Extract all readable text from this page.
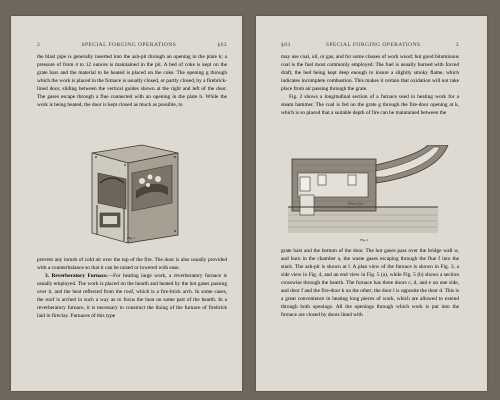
2	SPECIAL FORGING OPERATIONS	§63

the blast pipe is generally inserted into the ash-pit through an opening in the plate k; a pressure of from 4 to 12 ounces is maintained in the pit. A bed of coke is kept on the grate bars and the material to be heated is placed on the coke. The opening g through which the work is placed in the furnace is usually closed, or partly closed, by a firebrick-lined door, sliding between the vertical guides shown at the right and left of the door. The gases escape through a flue connected with an opening in the plate h. While the work is being heated, the door is kept closed as much as possible, to

Fig. 1

prevent any inrush of cold air over the top of the fire. The door is also usually provided with a counterbalance so that it can be raised or lowered with ease.

3. Reverberatory Furnace.—For heating large work, a reverberatory furnace is usually employed. The work is placed on the hearth and heated by the hot gases passing over it, and the heat reflected from the roof, which is a fire-brick arch. In some cases, the roof is arched in such a way as to focus the heat on some part of the hearth. In a reverberatory furnace, it is necessary to construct the lining of the furnace of firebrick laid in fireclay. Furnaces of this type

§63	SPECIAL FORGING OPERATIONS	3

may use coal, oil, or gas, and for some classes of work wood; but good bituminous coal is the fuel most commonly employed. The fuel is usually burned with forced draft, the bed being kept deep enough to insure a slightly smoky flame, which indicates incomplete combustion. This makes it certain that oxidation will not take place from air passing through the grate.

Fig. 2 shows a longitudinal section of a furnace used in heating work for a steam hammer. The coal is fed on the grate g through the fire-door opening at k, which is so placed that a suitable depth of fire can be maintained between the

Floor Line
Fig. 2

grate bars and the bottom of the door. The hot gases pass over the bridge wall w, and burn in the chamber a, the waste gases escaping through the flue f into the stack. The ash-pit is shown at l. A plan view of the furnace is shown in Fig. 3, a side view in Fig. 4, and an end view in Fig. 5 (a), while Fig. 5 (b) shows a section crosswise through the hearth. The furnace has three doors c, d, and e on one side, and door f and the fire-door k on the other; the door l is opposite the door d. This is a great convenience in heating long pieces of work, which are allowed to extend through both openings. All the openings through which work is put into the furnace are closed by doors lined with
